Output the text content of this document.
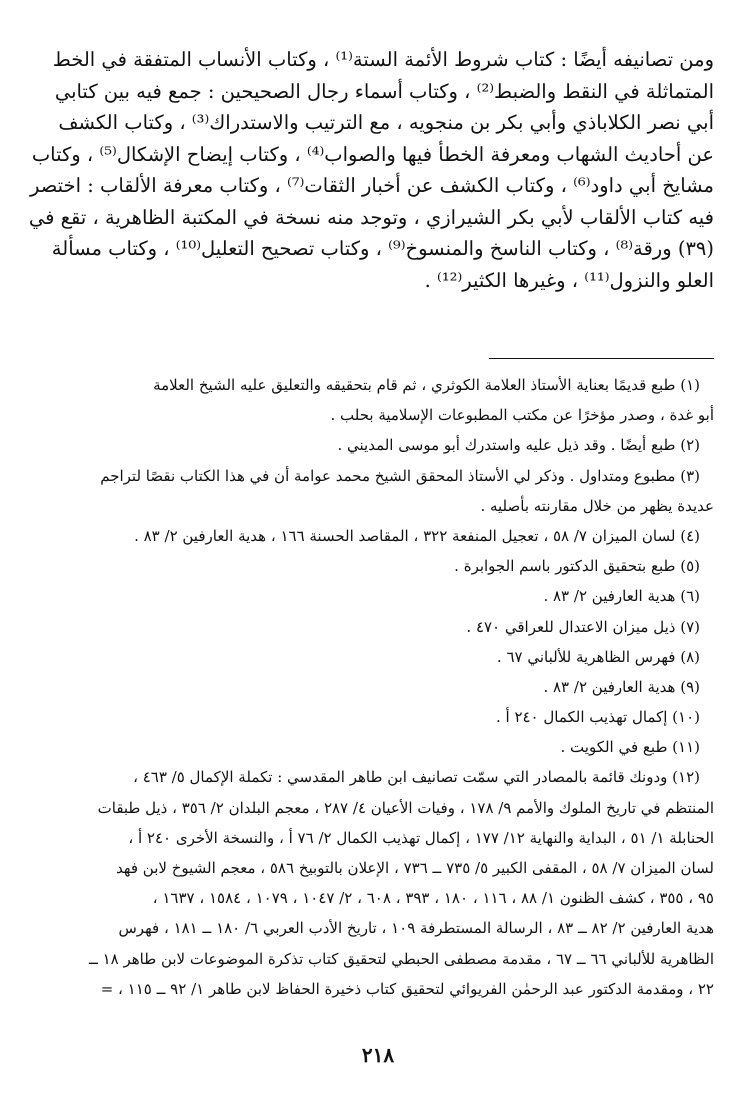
ومن تصانيفه أيضًا : كتاب شروط الأئمة الستة⁽¹⁾ ، وكتاب الأنساب المتفقة في الخط
المتماثلة في النقط والضبط⁽²⁾ ، وكتاب أسماء رجال الصحيحين : جمع فيه بين كتابي
أبي نصر الكلاباذي وأبي بكر بن منجويه ، مع الترتيب والاستدراك⁽³⁾ ، وكتاب الكشف
عن أحاديث الشهاب ومعرفة الخطأ فيها والصواب⁽⁴⁾ ، وكتاب إيضاح الإشكال⁽⁵⁾ ، وكتاب
مشايخ أبي داود⁽⁶⁾ ، وكتاب الكشف عن أخبار الثقات⁽⁷⁾ ، وكتاب معرفة الألقاب : اختصر
فيه كتاب الألقاب لأبي بكر الشيرازي ، وتوجد منه نسخة في المكتبة الظاهرية ، تقع في
(٣٩) ورقة⁽⁸⁾ ، وكتاب الناسخ والمنسوخ⁽⁹⁾ ، وكتاب تصحيح التعليل⁽¹⁰⁾ ، وكتاب مسألة
العلو والنزول⁽¹¹⁾ ، وغيرها الكثير⁽¹²⁾ .

(١) طبع قديمًا بعناية الأستاذ العلامة الكوثري ، ثم قام بتحقيقه والتعليق عليه الشيخ العلامة
أبو غدة ، وصدر مؤخرًا عن مكتب المطبوعات الإسلامية بحلب .
(٢) طبع أيضًا . وقد ذيل عليه واستدرك أبو موسى المديني .
(٣) مطبوع ومتداول . وذكر لي الأستاذ المحقق الشيخ محمد عوامة أن في هذا الكتاب نقصًا لتراجم
عديدة يظهر من خلال مقارنته بأصليه .
(٤) لسان الميزان ٧/ ٥٨ ، تعجيل المنفعة ٣٢٢ ، المقاصد الحسنة ١٦٦ ، هدية العارفين ٢/ ٨٣ .
(٥) طبع بتحقيق الدكتور باسم الجوابرة .
(٦) هدية العارفين ٢/ ٨٣ .
(٧) ذيل ميزان الاعتدال للعراقي ٤٧٠ .
(٨) فهرس الظاهرية للألباني ٦٧ .
(٩) هدية العارفين ٢/ ٨٣ .
(١٠) إكمال تهذيب الكمال ٢٤٠ أ .
(١١) طبع في الكويت .
(١٢) ودونك قائمة بالمصادر التي سمّت تصانيف ابن طاهر المقدسي : تكملة الإكمال ٥/ ٤٦٣ ،
المنتظم في تاريخ الملوك والأمم ٩/ ١٧٨ ، وفيات الأعيان ٤/ ٢٨٧ ، معجم البلدان ٢/ ٣٥٦ ، ذيل طبقات
الحنابلة ١/ ٥١ ، البداية والنهاية ١٢/ ١٧٧ ، إكمال تهذيب الكمال ٢/ ٧٦ أ ، والنسخة الأخرى ٢٤٠ أ ،
لسان الميزان ٧/ ٥٨ ، المقفى الكبير ٥/ ٧٣٥ ــ ٧٣٦ ، الإعلان بالتوبيخ ٥٨٦ ، معجم الشيوخ لابن فهد
٩٥ ، ٣٥٥ ، كشف الظنون ١/ ٨٨ ، ١١٦ ، ١٨٠ ، ٣٩٣ ، ٦٠٨ ، ٢/ ١٠٤٧ ، ١٠٧٩ ، ١٥٨٤ ، ١٦٣٧ ،
هدية العارفين ٢/ ٨٢ ــ ٨٣ ، الرسالة المستطرفة ١٠٩ ، تاريخ الأدب العربي ٦/ ١٨٠ ــ ١٨١ ، فهرس
الظاهرية للألباني ٦٦ ــ ٦٧ ، مقدمة مصطفى الحبطي لتحقيق كتاب تذكرة الموضوعات لابن طاهر ١٨ ــ
٢٢ ، ومقدمة الدكتور عبد الرحمٰن الفريوائي لتحقيق كتاب ذخيرة الحفاظ لابن طاهر ١/ ٩٢ ــ ١١٥ ، =
٢١٨
